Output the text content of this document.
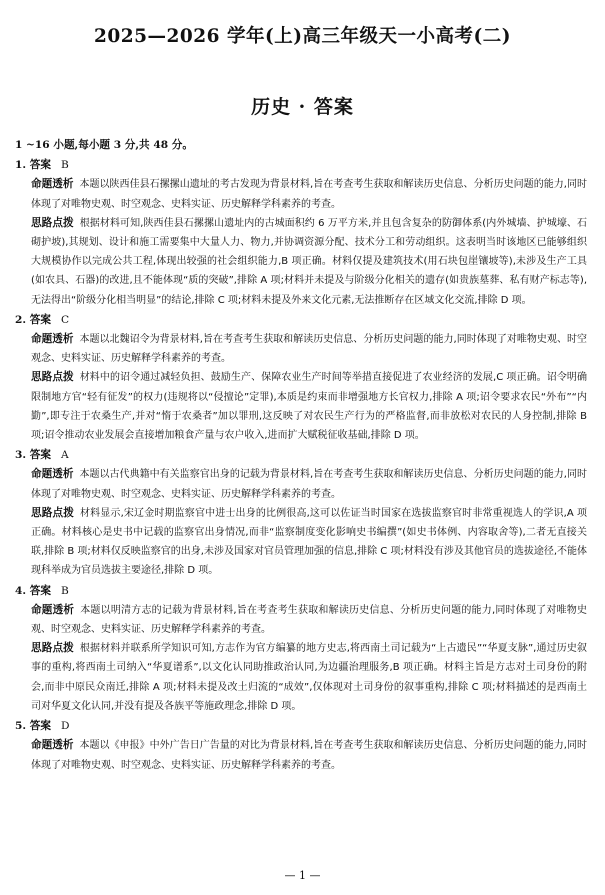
2025—2026 学年(上)高三年级天一小高考(二)
历史 · 答案
1 ~16 小题,每小题 3 分,共 48 分。
1. 答案 B
命题透析 本题以陕西佳县石摞摞山遗址的考古发现为背景材料,旨在考查考生获取和解读历史信息、分析历史问题的能力,同时体现了对唯物史观、时空观念、史料实证、历史解释学科素养的考查。
思路点拨 根据材料可知,陕西佳县石摞摞山遗址内的古城面积约 6 万平方米,并且包含复杂的防御体系(内外城墙、护城壕、石砌护坡),其规划、设计和施工需要集中大量人力、物力,并协调资源分配、技术分工和劳动组织。这表明当时该地区已能够组织大规模协作以完成公共工程,体现出较强的社会组织能力,B 项正确。材料仅提及建筑技术(用石块包崖镶坡等),未涉及生产工具(如农具、石器)的改进,且不能体现“质的突破”,排除 A 项;材料并未提及与阶级分化相关的遗存(如贵族墓葬、私有财产标志等),无法得出“阶级分化相当明显”的结论,排除 C 项;材料未提及外来文化元素,无法推断存在区域文化交流,排除 D 项。
2. 答案 C
命题透析 本题以北魏诏令为背景材料,旨在考查考生获取和解读历史信息、分析历史问题的能力,同时体现了对唯物史观、时空观念、史料实证、历史解释学科素养的考查。
思路点拨 材料中的诏令通过减轻负担、鼓励生产、保障农业生产时间等举措直接促进了农业经济的发展,C 项正确。诏令明确限制地方官“轻有征发”的权力(违规将以“侵擅论”定罪),本质是约束而非增强地方长官权力,排除 A 项;诏令要求农民“外布”“内勤”,即专注于农桑生产,并对“惰于农桑者”加以罪刑,这反映了对农民生产行为的严格监督,而非放松对农民的人身控制,排除 B 项;诏令推动农业发展会直接增加粮食产量与农户收入,进而扩大赋税征收基础,排除 D 项。
3. 答案 A
命题透析 本题以古代典籍中有关监察官出身的记载为背景材料,旨在考查考生获取和解读历史信息、分析历史问题的能力,同时体现了对唯物史观、时空观念、史料实证、历史解释学科素养的考查。
思路点拨 材料显示,宋辽金时期监察官中进士出身的比例很高,这可以佐证当时国家在选拔监察官时非常重视选人的学识,A 项正确。材料核心是史书中记载的监察官出身情况,而非“监察制度变化影响史书编撰”(如史书体例、内容取舍等),二者无直接关联,排除 B 项;材料仅反映监察官的出身,未涉及国家对官员管理加强的信息,排除 C 项;材料没有涉及其他官员的选拔途径,不能体现科举成为官员选拔主要途径,排除 D 项。
4. 答案 B
命题透析 本题以明清方志的记载为背景材料,旨在考查考生获取和解读历史信息、分析历史问题的能力,同时体现了对唯物史观、时空观念、史料实证、历史解释学科素养的考查。
思路点拨 根据材料并联系所学知识可知,方志作为官方编纂的地方史志,将西南土司记载为“上古遗民”“华夏支脉”,通过历史叙事的重构,将西南土司纳入“华夏谱系”,以文化认同助推政治认同,为边疆治理服务,B 项正确。材料主旨是方志对土司身份的附会,而非中原民众南迁,排除 A 项;材料未提及改土归流的“成效”,仅体现对土司身份的叙事重构,排除 C 项;材料描述的是西南土司对华夏文化认同,并没有提及各族平等施政理念,排除 D 项。
5. 答案 D
命题透析 本题以《申报》中外广告日广告量的对比为背景材料,旨在考查考生获取和解读历史信息、分析历史问题的能力,同时体现了对唯物史观、时空观念、史料实证、历史解释学科素养的考查。
— 1 —
